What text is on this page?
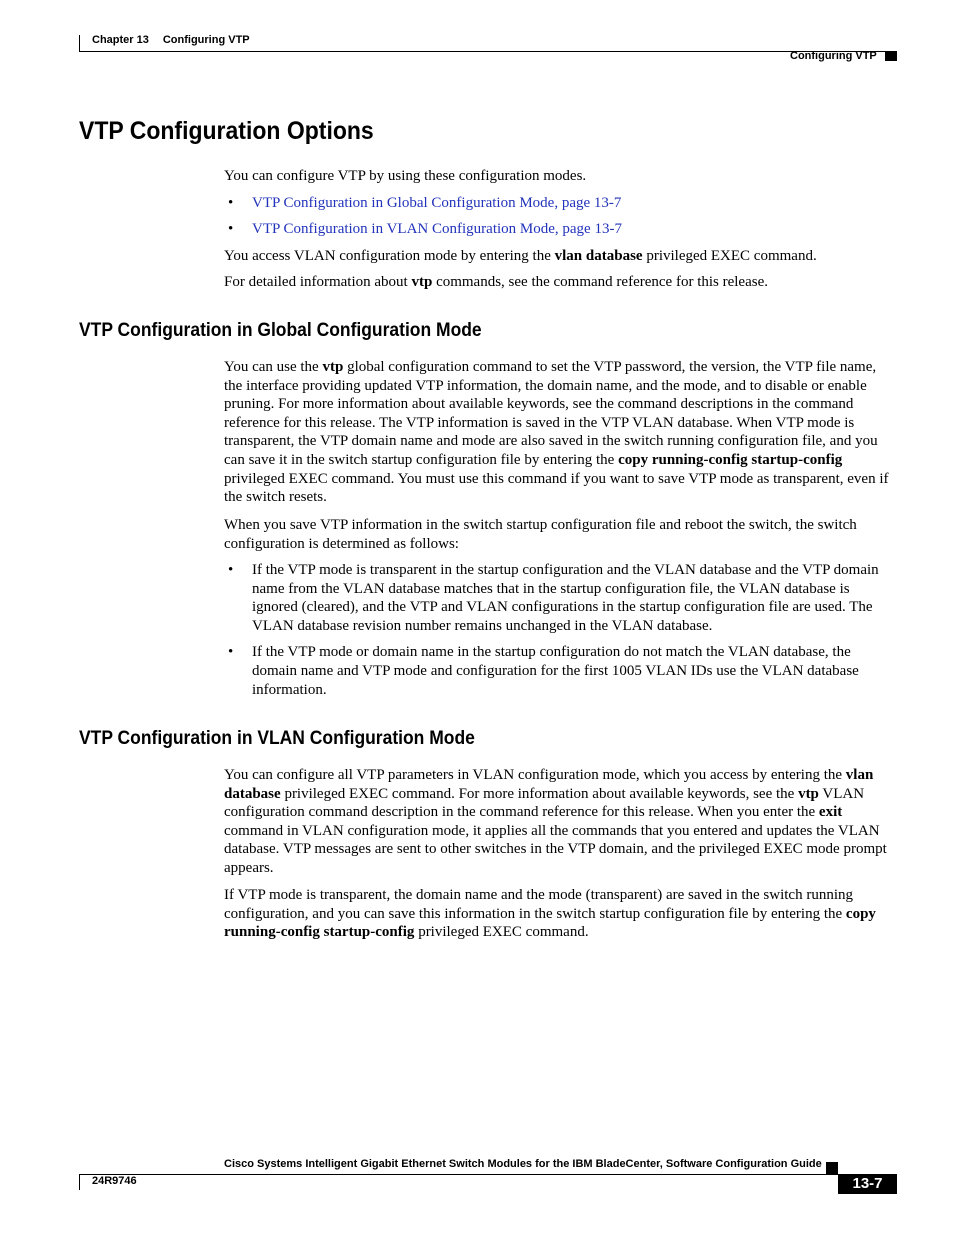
Chapter 13 Configuring VTP
Configuring VTP
VTP Configuration Options

You can configure VTP by using these configuration modes.

• VTP Configuration in Global Configuration Mode, page 13-7
• VTP Configuration in VLAN Configuration Mode, page 13-7

You access VLAN configuration mode by entering the vlan database privileged EXEC command.

For detailed information about vtp commands, see the command reference for this release.

VTP Configuration in Global Configuration Mode

You can use the vtp global configuration command to set the VTP password, the version, the VTP file name, the interface providing updated VTP information, the domain name, and the mode, and to disable or enable pruning. For more information about available keywords, see the command descriptions in the command reference for this release. The VTP information is saved in the VTP VLAN database. When VTP mode is transparent, the VTP domain name and mode are also saved in the switch running configuration file, and you can save it in the switch startup configuration file by entering the copy running-config startup-config privileged EXEC command. You must use this command if you want to save VTP mode as transparent, even if the switch resets.

When you save VTP information in the switch startup configuration file and reboot the switch, the switch configuration is determined as follows:

• If the VTP mode is transparent in the startup configuration and the VLAN database and the VTP domain name from the VLAN database matches that in the startup configuration file, the VLAN database is ignored (cleared), and the VTP and VLAN configurations in the startup configuration file are used. The VLAN database revision number remains unchanged in the VLAN database.
• If the VTP mode or domain name in the startup configuration do not match the VLAN database, the domain name and VTP mode and configuration for the first 1005 VLAN IDs use the VLAN database information.
VTP Configuration in VLAN Configuration Mode

You can configure all VTP parameters in VLAN configuration mode, which you access by entering the vlan database privileged EXEC command. For more information about available keywords, see the vtp VLAN configuration command description in the command reference for this release. When you enter the exit command in VLAN configuration mode, it applies all the commands that you entered and updates the VLAN database. VTP messages are sent to other switches in the VTP domain, and the privileged EXEC mode prompt appears.

If VTP mode is transparent, the domain name and the mode (transparent) are saved in the switch running configuration, and you can save this information in the switch startup configuration file by entering the copy running-config startup-config privileged EXEC command.

Cisco Systems Intelligent Gigabit Ethernet Switch Modules for the IBM BladeCenter, Software Configuration Guide
24R9746	13-7
